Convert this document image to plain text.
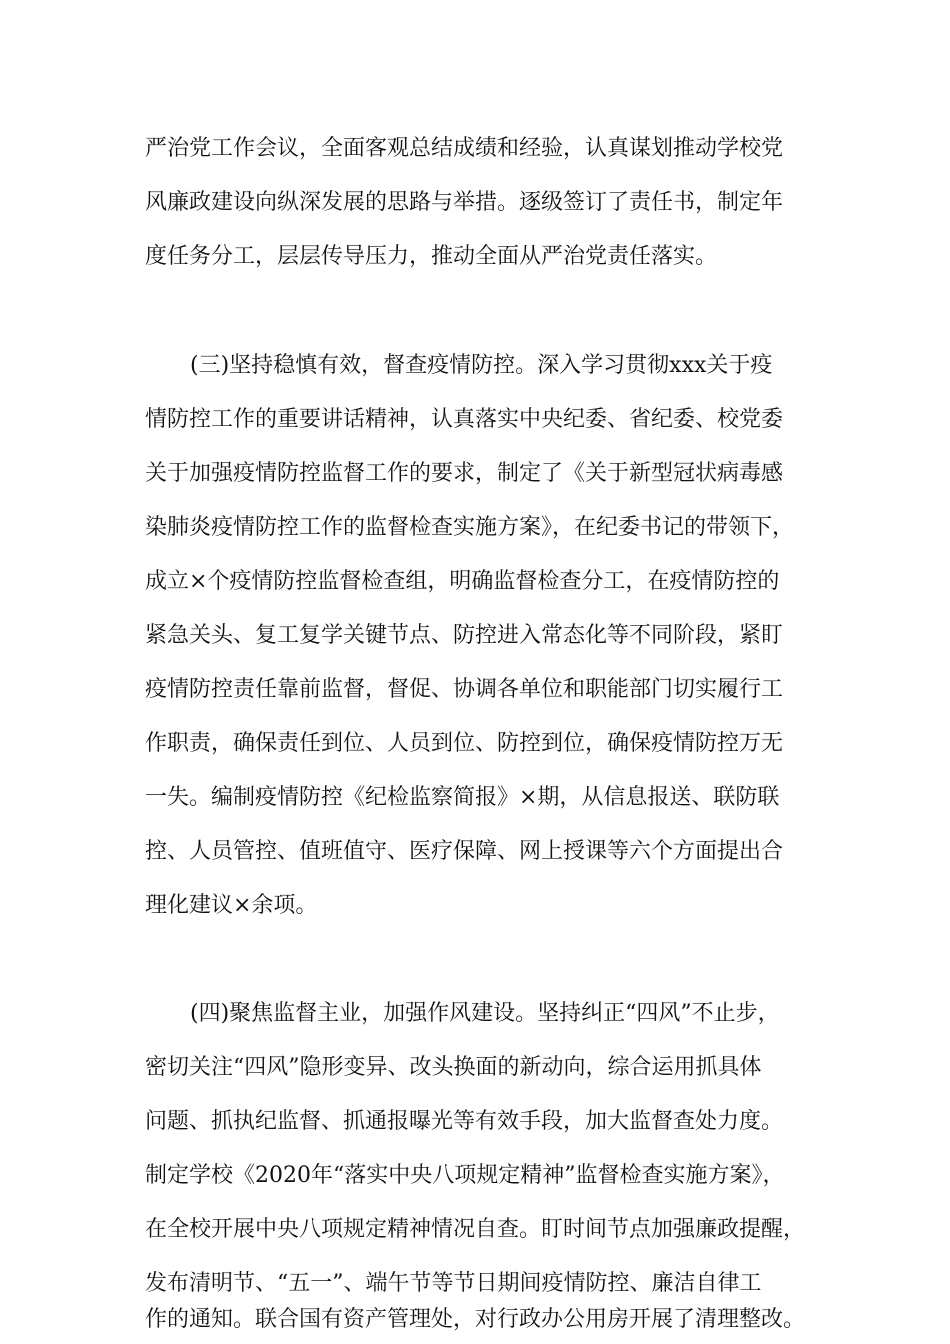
严治党工作会议，全面客观总结成绩和经验，认真谋划推动学校党
风廉政建设向纵深发展的思路与举措。逐级签订了责任书，制定年
度任务分工，层层传导压力，推动全面从严治党责任落实。
(三)坚持稳慎有效，督查疫情防控。深入学习贯彻xxx关于疫
情防控工作的重要讲话精神，认真落实中央纪委、省纪委、校党委
关于加强疫情防控监督工作的要求，制定了《关于新型冠状病毒感
染肺炎疫情防控工作的监督检查实施方案》，在纪委书记的带领下，
成立×个疫情防控监督检查组，明确监督检查分工，在疫情防控的
紧急关头、复工复学关键节点、防控进入常态化等不同阶段，紧盯
疫情防控责任靠前监督，督促、协调各单位和职能部门切实履行工
作职责，确保责任到位、人员到位、防控到位，确保疫情防控万无
一失。编制疫情防控《纪检监察简报》×期，从信息报送、联防联
控、人员管控、值班值守、医疗保障、网上授课等六个方面提出合
理化建议×余项。
(四)聚焦监督主业，加强作风建设。坚持纠正“四风”不止步，
密切关注“四风”隐形变异、改头换面的新动向，综合运用抓具体
问题、抓执纪监督、抓通报曝光等有效手段，加大监督查处力度。
制定学校《2020年“落实中央八项规定精神”监督检查实施方案》，
在全校开展中央八项规定精神情况自查。盯时间节点加强廉政提醒，
发布清明节、“五一”、端午节等节日期间疫情防控、廉洁自律工
作的通知。联合国有资产管理处，对行政办公用房开展了清理整改。
